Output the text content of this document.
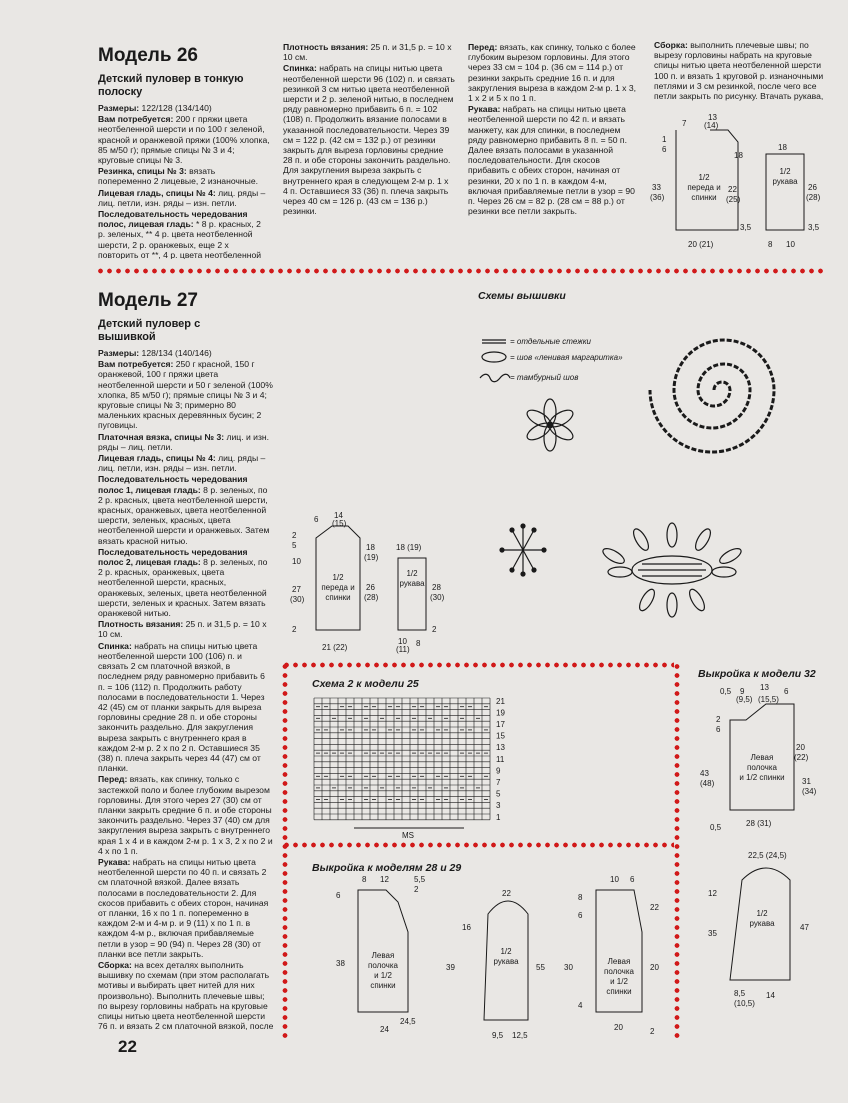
Модель 26
Детский пуловер в тонкую полоску

Размеры: 122/128 (134/140)

Вам потребуется: 200 г пряжи цвета неотбеленной шерсти и по 100 г зеленой, красной и оранжевой пряжи (100% хлопка, 85 м/50 г); прямые спицы № 3 и 4; круговые спицы № 3.

Резинка, спицы № 3: вязать попеременно 2 лицевые, 2 изнаночные.

Лицевая гладь, спицы № 4: лиц. ряды – лиц. петли, изн. ряды – изн. петли.

Последовательность чередования полос, лицевая гладь: * 8 р. красных, 2 р. зеленых, ** 4 р. цвета неотбеленной шерсти, 2 р. оранжевых, еще 2 х повторить от **, 4 р. цвета неотбеленной

Плотность вязания: 25 п. и 31,5 р. = 10 х 10 см.

Спинка: набрать на спицы нитью цвета неотбеленной шерсти 96 (102) п. и связать резинкой 3 см нитью цвета неотбеленной шерсти и 2 р. зеленой нитью, в последнем ряду равномерно прибавить 6 п. = 102 (108) п. Продолжить вязание полосами в указанной последовательности. Через 39 см = 122 р. (42 см = 132 р.) от резинки закрыть для выреза горловины средние 28 п. и обе стороны закончить раздельно. Для закругления выреза закрыть с внутреннего края в следующем 2-м р. 1 х 4 п. Оставшиеся 33 (36) п. плеча закрыть через 40 см = 126 р. (43 см = 136 р.) резинки.

Перед: вязать, как спинку, только с более глубоким вырезом горловины. Для этого через 33 см = 104 р. (36 см = 114 р.) от резинки закрыть средние 16 п. и для закругления выреза в каждом 2-м р. 1 х 3, 1 х 2 и 5 х по 1 п.

Рукава: набрать на спицы нитью цвета неотбеленной шерсти по 42 п. и вязать манжету, как для спинки, в последнем ряду равномерно прибавить 8 п. = 50 п. Далее вязать полосами в указанной последовательности. Для скосов прибавить с обеих сторон, начиная от резинки, 20 х по 1 п. в каждом 4-м, включая прибавляемые петли в узор = 90 п. Через 26 см = 82 р. (28 см = 88 р.) от резинки все петли закрыть.

Сборка: выполнить плечевые швы; по вырезу горловины набрать на круговые спицы нитью цвета неотбеленной шерсти 100 п. и вязать 1 круговой р. изнаночными петлями и 3 см резинкой, после чего все петли закрыть по рисунку. Втачать рукава,

1/2
переда и
спинки
1/2
рукава
7
13
(14)
1
6
18
22
(25)
33
(36)
3,5
20 (21)
18
26
(28)
8 10
3,5
Модель 27
Детский пуловер с вышивкой

Размеры: 128/134 (140/146)

Вам потребуется: 250 г красной, 150 г оранжевой, 100 г пряжи цвета неотбеленной шерсти и 50 г зеленой (100% хлопка, 85 м/50 г); прямые спицы № 3 и 4; круговые спицы № 3; примерно 80 маленьких красных деревянных бусин; 2 пуговицы.

Платочная вязка, спицы № 3: лиц. и изн. ряды – лиц. петли.

Лицевая гладь, спицы № 4: лиц. ряды – лиц. петли, изн. ряды – изн. петли.

Последовательность чередования полос 1, лицевая гладь: 8 р. зеленых, по 2 р. красных, цвета неотбеленной шерсти, красных, оранжевых, цвета неотбеленной шерсти, зеленых, красных, цвета неотбеленной шерсти и оранжевых. Затем вязать красной нитью.

Последовательность чередования полос 2, лицевая гладь: 8 р. зеленых, по 2 р. красных, оранжевых, цвета неотбеленной шерсти, красных, оранжевых, зеленых, цвета неотбеленной шерсти, зеленых и красных. Затем вязать оранжевой нитью.

Плотность вязания: 25 п. и 31,5 р. = 10 х 10 см.

Спинка: набрать на спицы нитью цвета неотбеленной шерсти 100 (106) п. и связать 2 см платочной вязкой, в последнем ряду равномерно прибавить 6 п. = 106 (112) п. Продолжить работу полосами в последовательности 1. Через 42 (45) см от планки закрыть для выреза горловины средние 28 п. и обе стороны закончить раздельно. Для закругления выреза закрыть с внутреннего края в каждом 2-м р. 2 х по 2 п. Оставшиеся 35 (38) п. плеча закрыть через 44 (47) см от планки.

Перед: вязать, как спинку, только с застежкой поло и более глубоким вырезом горловины. Для этого через 27 (30) см от планки закрыть средние 6 п. и обе стороны закончить раздельно. Через 37 (40) см для закругления выреза закрыть с внутреннего края 1 х 4 и в каждом 2-м р. 1 х 3, 2 х по 2 и 4 х по 1 п.

Рукава: набрать на спицы нитью цвета неотбеленной шерсти по 40 п. и связать 2 см платочной вязкой. Далее вязать полосами в последовательности 2. Для скосов прибавить с обеих сторон, начиная от планки, 16 х по 1 п. попеременно в каждом 2-м и 4-м р. и 9 (11) х по 1 п. в каждом 4-м р., включая прибавляемые петли в узор = 90 (94) п. Через 28 (30) от планки все петли закрыть.

Сборка: на всех деталях выполнить вышивку по схемам (при этом располагать мотивы и выбирать цвет нитей для них произвольно). Выполнить плечевые швы; по вырезу горловины набрать на круговые спицы нитью цвета неотбеленной шерсти 76 п. и вязать 2 см платочной вязкой, после

1/2
переда и
спинки
1/2
рукава
6 14
(15)
2
5
10
18
(19)
26
(28)
27
(30)
2
21 (22)
18 (19)
28
(30)
10
(11)
8
2
Схемы вышивки
= отдельные стежки
= шов «ленивая маргаритка»
= тамбурный шов
Схема 2 к модели 25
MS
21
19
17
15
13
11
9
7
5
3
1
Выкройка к моделям 28 и 29
8 12	5,5
2
6
38
24
24,5
22
16
39	55
9,5 12,5
10 6
8
6
22
30	20
4
20	2
Левая
полочка
и 1/2
спинки
1/2
рукава	Левая
полочка
и 1/2
спинки
Выкройка к модели 32
0,5 9 13
(9,5) (15,5)
6
2
6
20
(22)
43
(48)	31
(34)
0,5	28 (31)
22,5 (24,5)
12
35
47
8,5
(10,5)
14
Левая
полочка
и 1/2 спинки
1/2
рукава
22
